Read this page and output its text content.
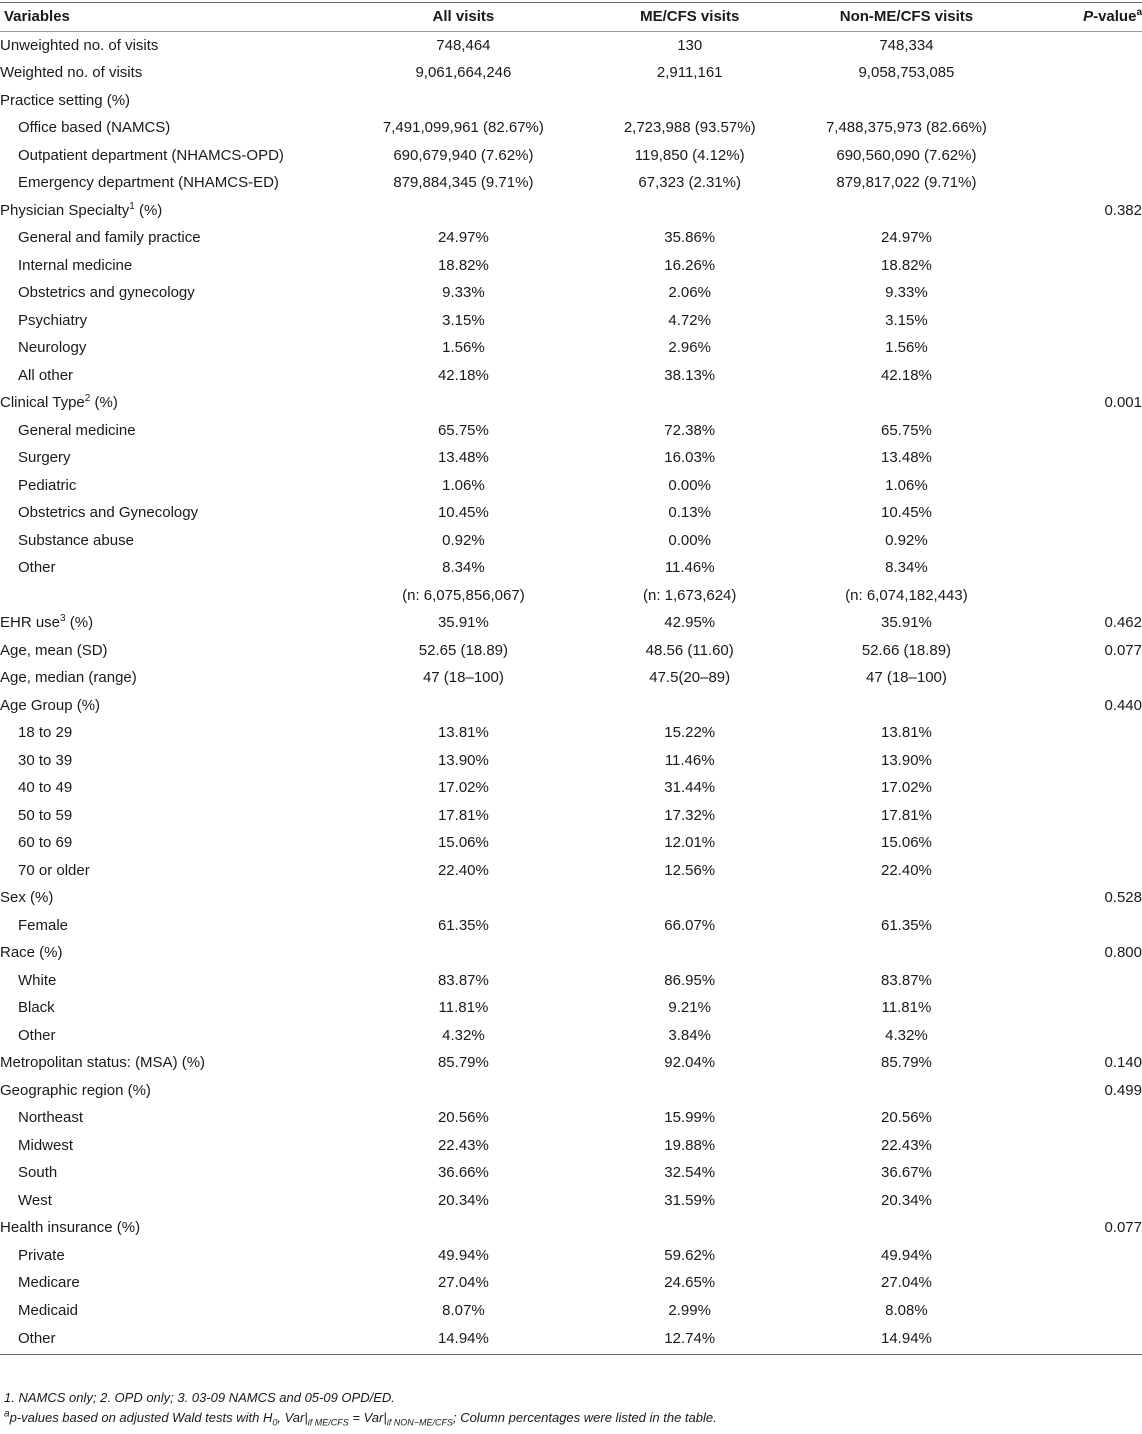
Variables	All visits	ME/CFS visits	Non-ME/CFS visits	P-value$^a$
Unweighted no. of visits	748,464	130	748,334	
Weighted no. of visits	9,061,664,246	2,911,161	9,058,753,085	
Practice setting (%)				
Office based (NAMCS)	7,491,099,961 (82.67%)	2,723,988 (93.57%)	7,488,375,973 (82.66%)	
Outpatient department (NHAMCS-OPD)	690,679,940 (7.62%)	119,850 (4.12%)	690,560,090 (7.62%)	
Emergency department (NHAMCS-ED)	879,884,345 (9.71%)	67,323 (2.31%)	879,817,022 (9.71%)	
Physician Specialty$^1$ (%)				0.382
General and family practice	24.97%	35.86%	24.97%	
Internal medicine	18.82%	16.26%	18.82%	
Obstetrics and gynecology	9.33%	2.06%	9.33%	
Psychiatry	3.15%	4.72%	3.15%	
Neurology	1.56%	2.96%	1.56%	
All other	42.18%	38.13%	42.18%	
Clinical Type$^2$ (%)				0.001
General medicine	65.75%	72.38%	65.75%	
Surgery	13.48%	16.03%	13.48%	
Pediatric	1.06%	0.00%	1.06%	
Obstetrics and Gynecology	10.45%	0.13%	10.45%	
Substance abuse	0.92%	0.00%	0.92%	
Other	8.34%	11.46%	8.34%	
	(n: 6,075,856,067)	(n: 1,673,624)	(n: 6,074,182,443)	
EHR use$^3$ (%)	35.91%	42.95%	35.91%	0.462
Age, mean (SD)	52.65 (18.89)	48.56 (11.60)	52.66 (18.89)	0.077
Age, median (range)	47 (18–100)	47.5(20–89)	47 (18–100)	
Age Group (%)				0.440
18 to 29	13.81%	15.22%	13.81%	
30 to 39	13.90%	11.46%	13.90%	
40 to 49	17.02%	31.44%	17.02%	
50 to 59	17.81%	17.32%	17.81%	
60 to 69	15.06%	12.01%	15.06%	
70 or older	22.40%	12.56%	22.40%	
Sex (%)				0.528
Female	61.35%	66.07%	61.35%	
Race (%)				0.800
White	83.87%	86.95%	83.87%	
Black	11.81%	9.21%	11.81%	
Other	4.32%	3.84%	4.32%	
Metropolitan status: (MSA) (%)	85.79%	92.04%	85.79%	0.140
Geographic region (%)				0.499
Northeast	20.56%	15.99%	20.56%	
Midwest	22.43%	19.88%	22.43%	
South	36.66%	32.54%	36.67%	
West	20.34%	31.59%	20.34%	
Health insurance (%)				0.077
Private	49.94%	59.62%	49.94%	
Medicare	27.04%	24.65%	27.04%	
Medicaid	8.07%	2.99%	8.08%	
Other	14.94%	12.74%	14.94%	
1. NAMCS only; 2. OPD only; 3. 03-09 NAMCS and 05-09 OPD/ED.
$^a$p-values based on adjusted Wald tests with $H_0$, $Var|_{if ME/CFS} = Var|_{if NON-ME/CFS}$; Column percentages were listed in the table.
